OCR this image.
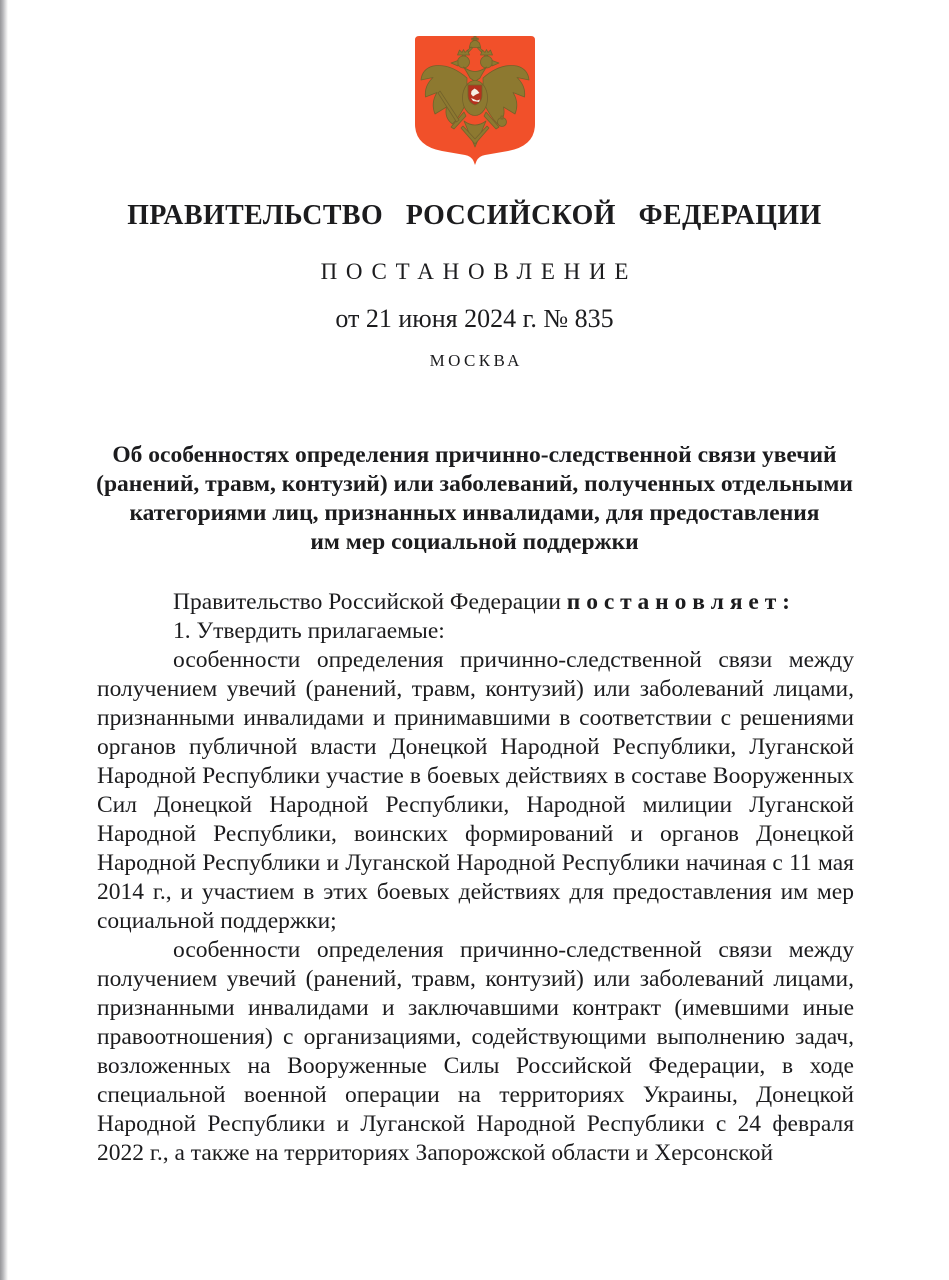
ПРАВИТЕЛЬСТВО РОССИЙСКОЙ ФЕДЕРАЦИИ
ПОСТАНОВЛЕНИЕ
от 21 июня 2024 г. № 835
МОСКВА
Об особенностях определения причинно-следственной связи увечий
(ранений, травм, контузий) или заболеваний, полученных отдельными
категориями лиц, признанных инвалидами, для предоставления
им мер социальной поддержки

Правительство Российской Федерации п о с т а н о в л я е т :

1. Утвердить прилагаемые:

особенности определения причинно-следственной связи между получением увечий (ранений, травм, контузий) или заболеваний лицами, признанными инвалидами и принимавшими в соответствии с решениями органов публичной власти Донецкой Народной Республики, Луганской Народной Республики участие в боевых действиях в составе Вооруженных Сил Донецкой Народной Республики, Народной милиции Луганской Народной Республики, воинских формирований и органов Донецкой Народной Республики и Луганской Народной Республики начиная с 11 мая 2014 г., и участием в этих боевых действиях для предоставления им мер социальной поддержки;

особенности определения причинно-следственной связи между получением увечий (ранений, травм, контузий) или заболеваний лицами, признанными инвалидами и заключавшими контракт (имевшими иные правоотношения) с организациями, содействующими выполнению задач, возложенных на Вооруженные Силы Российской Федерации, в ходе специальной военной операции на территориях Украины, Донецкой Народной Республики и Луганской Народной Республики с 24 февраля 2022 г., а также на территориях Запорожской области и Херсонской
